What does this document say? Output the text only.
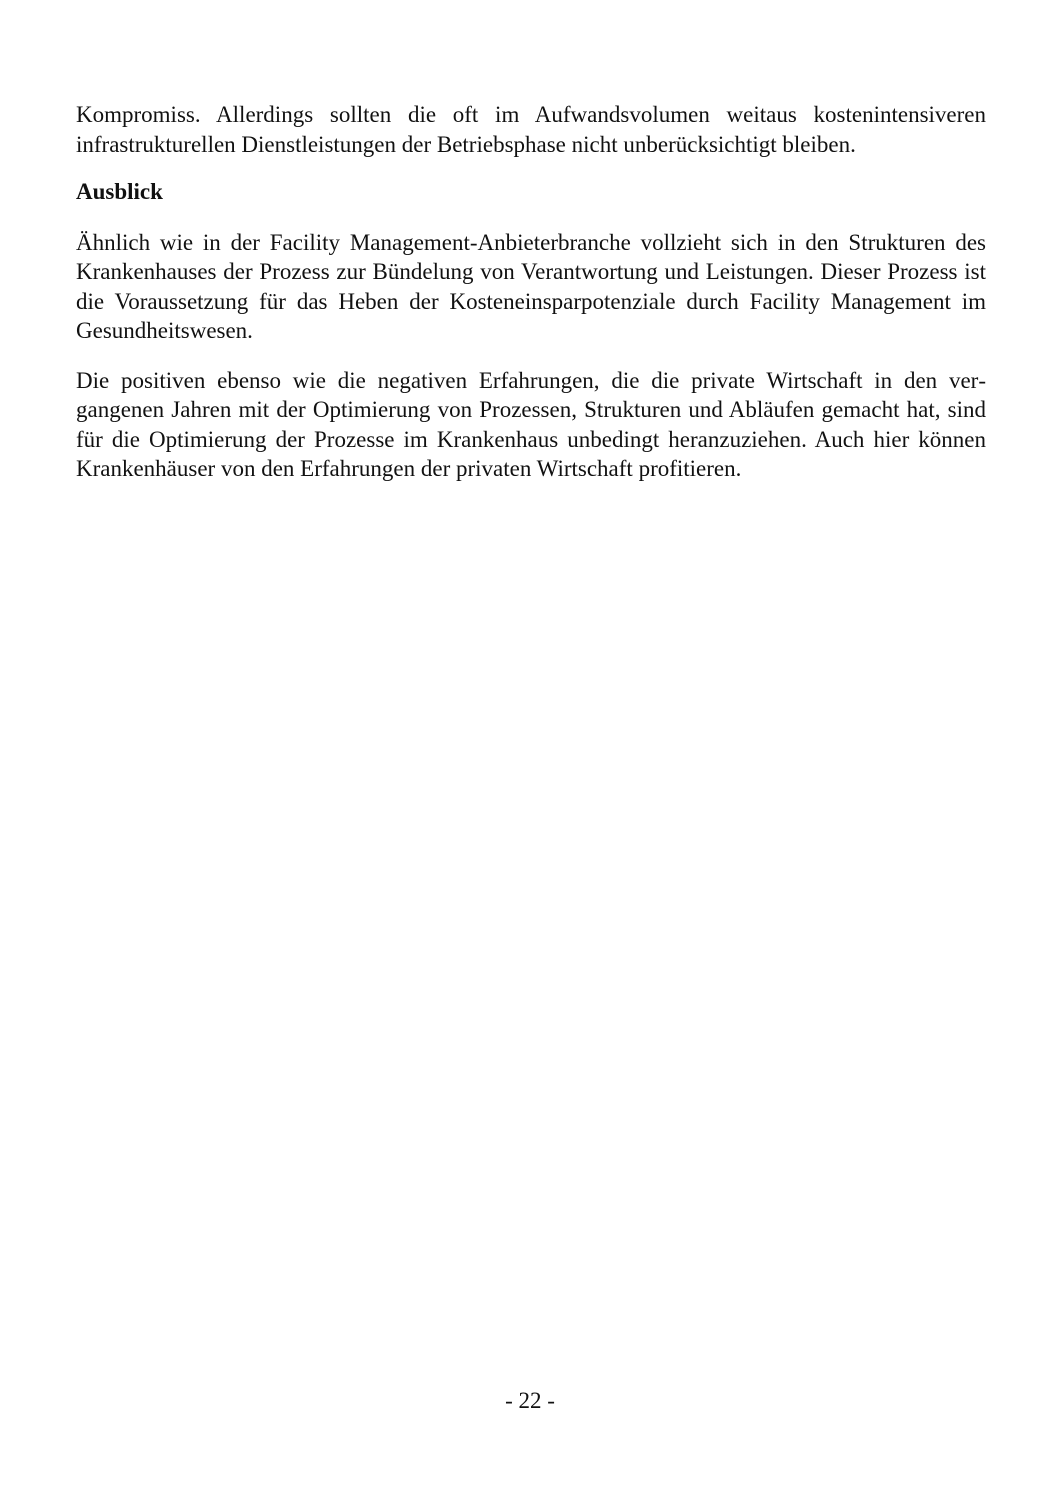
Kompromiss. Allerdings sollten die oft im Aufwandsvolumen weitaus kostenintensiveren infrastrukturellen Dienstleistungen der Betriebsphase nicht unberücksichtigt bleiben.

Ausblick

Ähnlich wie in der Facility Management-Anbieterbranche vollzieht sich in den Strukturen des Krankenhauses der Prozess zur Bündelung von Verantwortung und Leistungen. Dieser Prozess ist die Voraussetzung für das Heben der Kosteneinsparpotenziale durch Facility Management im Gesundheitswesen.

Die positiven ebenso wie die negativen Erfahrungen, die die private Wirtschaft in den vergangenen Jahren mit der Optimierung von Prozessen, Strukturen und Abläufen gemacht hat, sind für die Optimierung der Prozesse im Krankenhaus unbedingt heranzuziehen. Auch hier können Krankenhäuser von den Erfahrungen der privaten Wirtschaft profitieren.

- 22 -
